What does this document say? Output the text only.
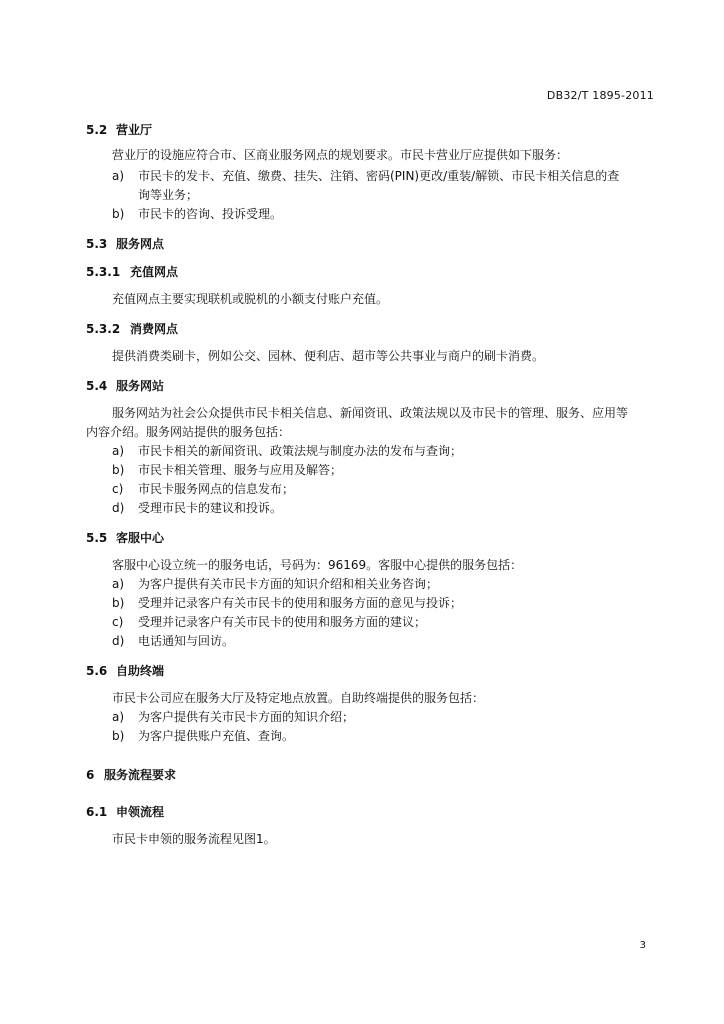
DB32/T 1895-2011
5.2 营业厅
营业厅的设施应符合市、区商业服务网点的规划要求。市民卡营业厅应提供如下服务：
a) 市民卡的发卡、充值、缴费、挂失、注销、密码(PIN)更改/重装/解锁、市民卡相关信息的查
询等业务；
b) 市民卡的咨询、投诉受理。
5.3 服务网点
5.3.1 充值网点
充值网点主要实现联机或脱机的小额支付账户充值。
5.3.2 消费网点
提供消费类刷卡，例如公交、园林、便利店、超市等公共事业与商户的刷卡消费。
5.4 服务网站
服务网站为社会公众提供市民卡相关信息、新闻资讯、政策法规以及市民卡的管理、服务、应用等
内容介绍。服务网站提供的服务包括：
a) 市民卡相关的新闻资讯、政策法规与制度办法的发布与查询；
b) 市民卡相关管理、服务与应用及解答；
c) 市民卡服务网点的信息发布；
d) 受理市民卡的建议和投诉。
5.5 客服中心
客服中心设立统一的服务电话，号码为：96169。客服中心提供的服务包括：
a) 为客户提供有关市民卡方面的知识介绍和相关业务咨询；
b) 受理并记录客户有关市民卡的使用和服务方面的意见与投诉；
c) 受理并记录客户有关市民卡的使用和服务方面的建议；
d) 电话通知与回访。
5.6 自助终端
市民卡公司应在服务大厅及特定地点放置。自助终端提供的服务包括：
a) 为客户提供有关市民卡方面的知识介绍；
b) 为客户提供账户充值、查询。
6 服务流程要求
6.1 申领流程
市民卡申领的服务流程见图1。
3
